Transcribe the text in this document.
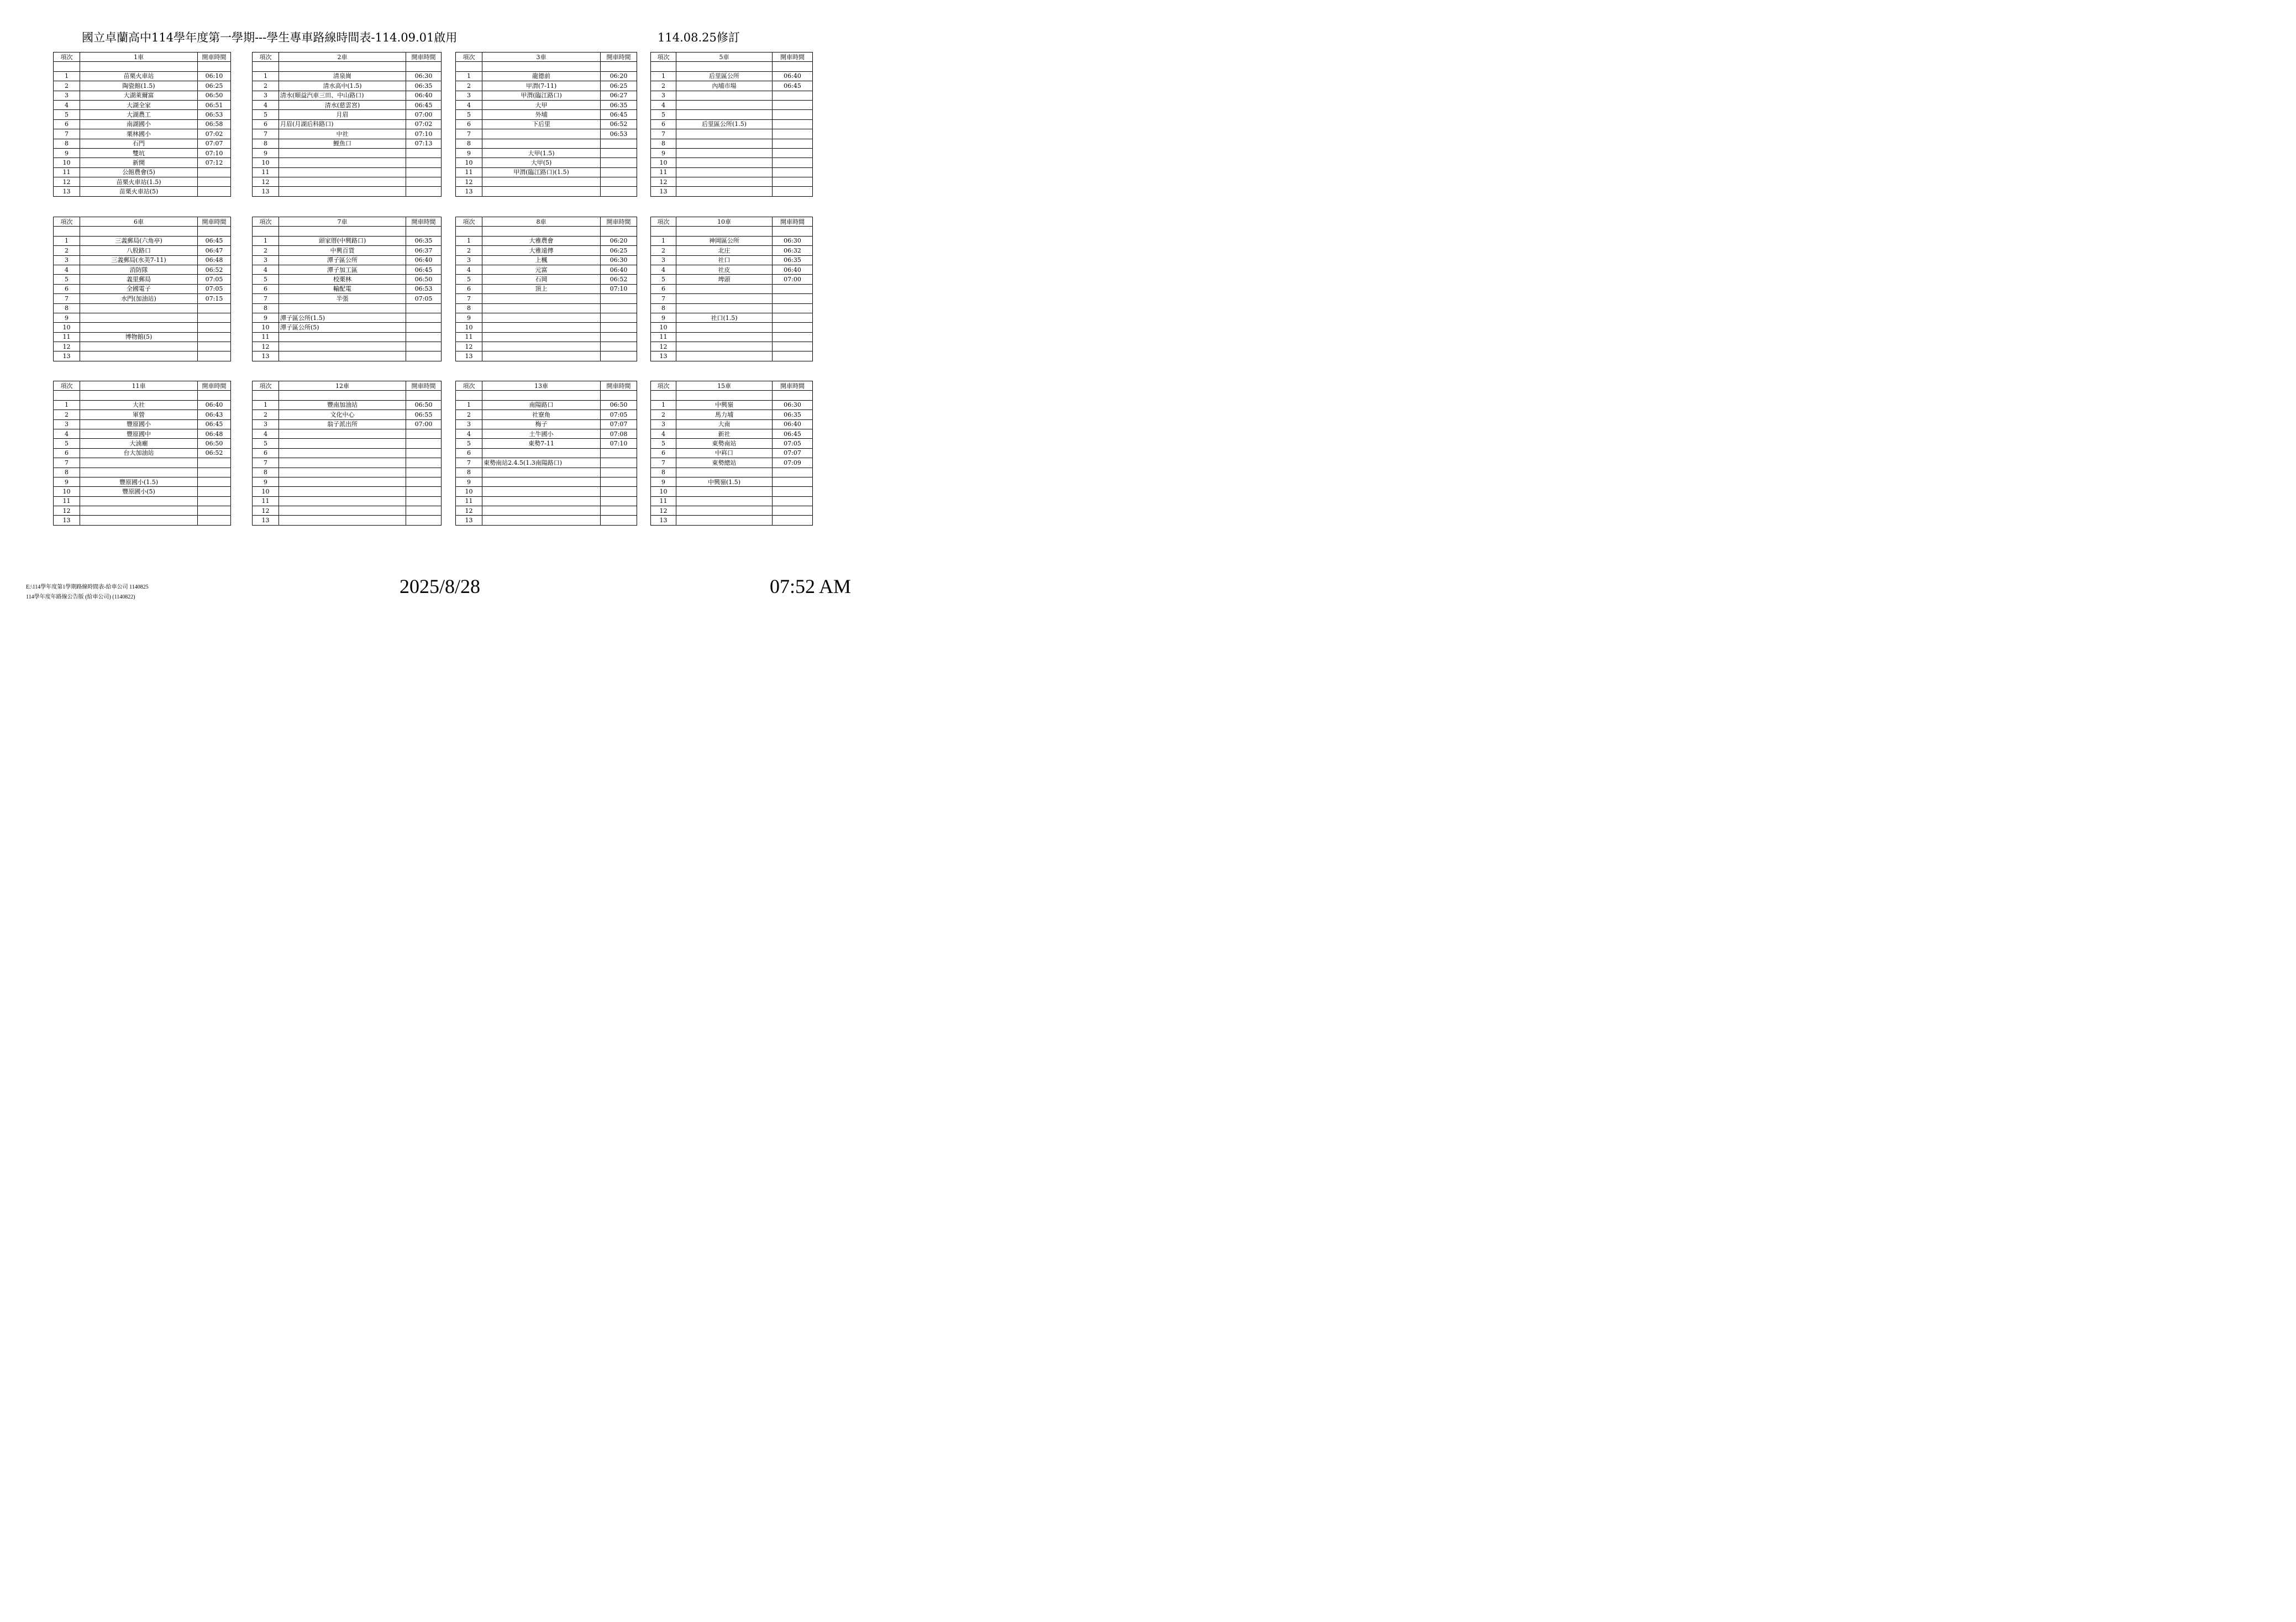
國立卓蘭高中114學年度第一學期---學生專車路線時間表-114.09.01啟用	114.08.25修訂
項次	1車	開車時間

1	苗栗火車站	06:10
2	陶瓷館(1.5)	06:25
3	大湖萊爾富	06:50
4	大湖全家	06:51
5	大湖農工	06:53
6	南湖國小	06:58
7	栗林國小	07:02
8	石門	07:07
9	雙坑	07:10
10	新開	07:12
11	公館農會(5)	
12	苗栗火車站(1.5)	
13	苗栗火車站(5)	
項次	2車	開車時間

1	清泉崗	06:30
2	清水高中(1.5)	06:35
3	清水(順益汽車三田、中山路口)	06:40
4	清水(慈雲宮)	06:45
5	月眉	07:00
6	月眉(月湖后科路口)	07:02
7	中社	07:10
8	鯉魚口	07:13
9		
10		
11		
12		
13		
項次	3車	開車時間

1	龍德前	06:20
2	甲渭(7-11)	06:25
3	甲渭(臨江路口)	06:27
4	大甲	06:35
5	外埔	06:45
6	下后里	06:52
7		06:53
8		
9	大甲(1.5)	
10	大甲(5)	
11	甲渭(臨江路口)(1.5)	
12		
13		
項次	5車	開車時間

1	后里區公所	06:40
2	內埔市場	06:45
3		
4		
5		
6	后里區公所(1.5)	
7		
8		
9		
10		
11		
12		
13		
項次	6車	開車時間

1	三義郵局(六角亭)	06:45
2	八股路口	06:47
3	三義郵局(水美7-11)	06:48
4	消防隊	06:52
5	義里郵局	07:05
6	全國電子	07:05
7	水門(加油站)	07:15
8		
9		
10		
11	博物館(5)	
12		
13		
項次	7車	開車時間

1	頭家厝(中興路口)	06:35
2	中興百貨	06:37
3	潭子區公所	06:40
4	潭子加工區	06:45
5	校栗林	06:50
6	輸配電	06:53
7	半張	07:05
8		
9	潭子區公所(1.5)	
10	潭子區公所(5)	
11		
12		
13		
項次	8車	開車時間

1	大雅農會	06:20
2	大雅遠傳	06:25
3	上楓	06:30
4	元富	06:40
5	石岡	06:52
6	頂上	07:10
7		
8		
9		
10		
11		
12		
13		
項次	10車	開車時間

1	神岡區公所	06:30
2	北庄	06:32
3	社口	06:35
4	社皮	06:40
5	埤頭	07:00
6		
7		
8		
9	社口(1.5)	
10		
11		
12		
13		
項次	11車	開車時間

1	大社	06:40
2	軍營	06:43
3	豐原國小	06:45
4	豐原國中	06:48
5	大湳廟	06:50
6	台大加油站	06:52
7		
8		
9	豐原國小(1.5)	
10	豐原國小(5)	
11		
12		
13		
項次	12車	開車時間

1	豐南加油站	06:50
2	文化中心	06:55
3	翁子派出所	07:00
4		
5		
6		
7		
8		
9		
10		
11		
12		
13		
項次	13車	開車時間

1	南陽路口	06:50
2	社寮角	07:05
3	梅子	07:07
4	土牛國小	07:08
5	東勢7-11	07:10
6		
7	東勢南站2.4.5(1.3南陽路口)	
8		
9		
10		
11		
12		
13		
項次	15車	開車時間

1	中興嶺	06:30
2	馬力埔	06:35
3	大南	06:40
4	新社	06:45
5	東勢南站	07:05
6	中嵙口	07:07
7	東勢總站	07:09
8		
9	中興嶺(1.5)	
10		
11		
12		
13		
E:\114學年度第1學期路線時間表-給車公司 1140825
114學年度年路線公告版 (給車公司) (1140822)	2025/8/28	07:52 AM
